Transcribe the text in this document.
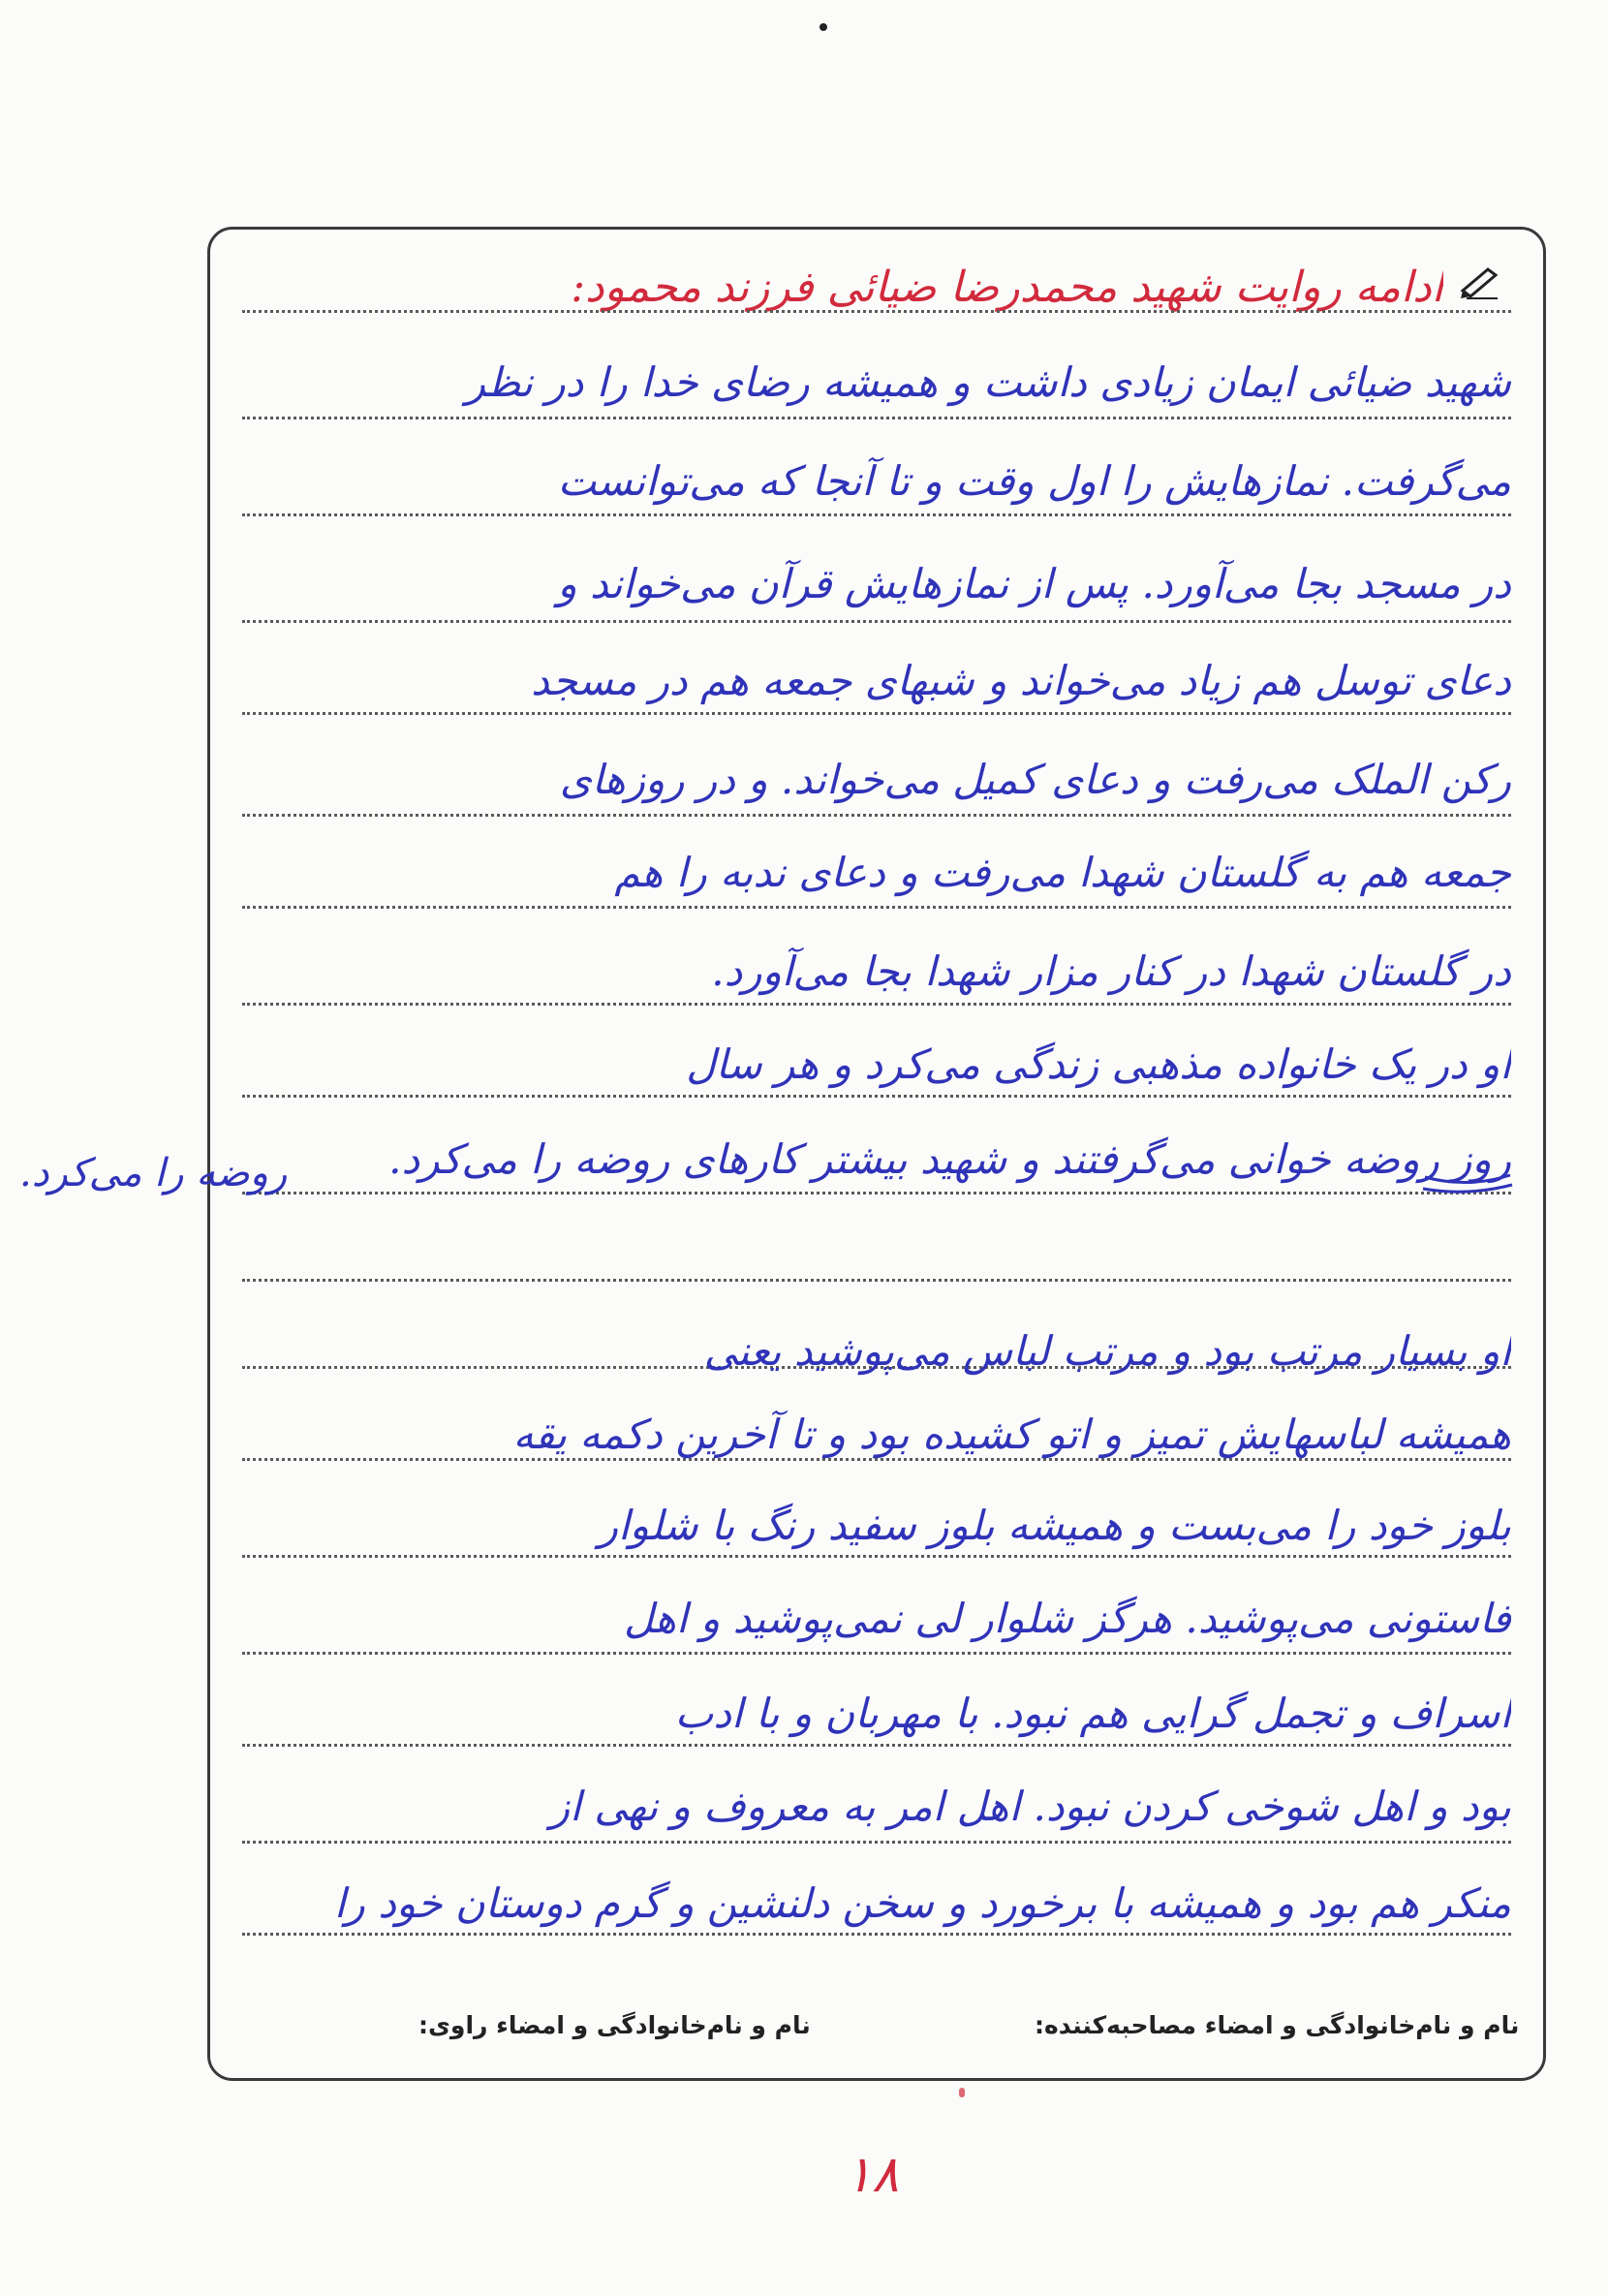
ادامه روایت شهید محمدرضا ضیائی فرزند محمود:
شهید ضیائی ایمان زیادی داشت و همیشه رضای خدا را در نظر
می‌گرفت. نمازهایش را اول وقت و تا آنجا که می‌توانست
در مسجد بجا می‌آورد. پس از نمازهایش قرآن می‌خواند و
دعای توسل هم زیاد می‌خواند و شبهای جمعه هم در مسجد
رکن الملک می‌رفت و دعای کمیل می‌خواند. و در روزهای
جمعه هم به گلستان شهدا می‌رفت و دعای ندبه را هم
در گلستان شهدا در کنار مزار شهدا بجا می‌آورد.
او در یک خانواده مذهبی زندگی می‌کرد و هر سال
روز روضه خوانی می‌گرفتند و شهید بیشتر کارهای روضه را می‌کرد.
او بسیار مرتب بود و مرتب لباس می‌پوشید یعنی
همیشه لباسهایش تمیز و اتو کشیده بود و تا آخرین دکمه یقه
بلوز خود را می‌بست و همیشه بلوز سفید رنگ با شلوار
فاستونی می‌پوشید. هرگز شلوار لی نمی‌پوشید و اهل
اسراف و تجمل گرایی هم نبود. با مهربان و با ادب
بود و اهل شوخی کردن نبود. اهل امر به معروف و نهی از
منکر هم بود و همیشه با برخورد و سخن دلنشین و گرم دوستان خود را
روضه را می‌کرد.
نام و نام‌خانوادگی و امضاء مصاحبه‌کننده:
نام و نام‌خانوادگی و امضاء راوی:
۱۸
